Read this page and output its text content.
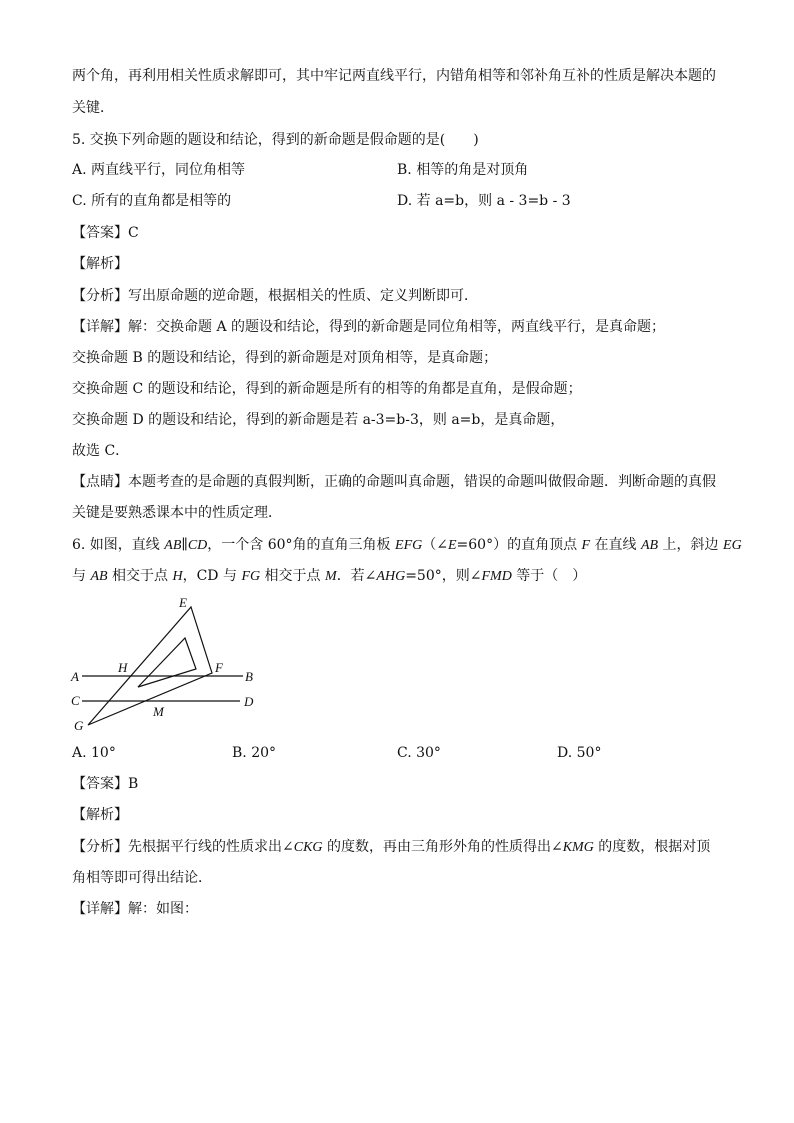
两个角，再利用相关性质求解即可，其中牢记两直线平行，内错角相等和邻补角互补的性质是解决本题的
关键．
5. 交换下列命题的题设和结论，得到的新命题是假命题的是(　　)
A. 两直线平行，同位角相等	B. 相等的角是对顶角
C. 所有的直角都是相等的	D. 若 a=b，则 a - 3=b - 3
【答案】C
【解析】
【分析】写出原命题的逆命题，根据相关的性质、定义判断即可．
【详解】解：交换命题 A 的题设和结论，得到的新命题是同位角相等，两直线平行，是真命题；
交换命题 B 的题设和结论，得到的新命题是对顶角相等，是真命题；
交换命题 C 的题设和结论，得到的新命题是所有的相等的角都是直角，是假命题；
交换命题 D 的题设和结论，得到的新命题是若 a-3=b-3，则 a=b，是真命题，
故选 C．
【点睛】本题考查的是命题的真假判断，正确的命题叫真命题，错误的命题叫做假命题．判断命题的真假
关键是要熟悉课本中的性质定理．
6. 如图，直线 AB∥CD，一个含 60°角的直角三角板 EFG（∠E=60°）的直角顶点 F 在直线 AB 上，斜边 EG
与 AB 相交于点 H，CD 与 FG 相交于点 M．若∠AHG=50°，则∠FMD 等于（　）
E
H	F
A	B
C	D
G
M
A. 10°	B. 20°	C. 30°	D. 50°
【答案】B
【解析】
【分析】先根据平行线的性质求出∠CKG 的度数，再由三角形外角的性质得出∠KMG 的度数，根据对顶
角相等即可得出结论．
【详解】解：如图：
